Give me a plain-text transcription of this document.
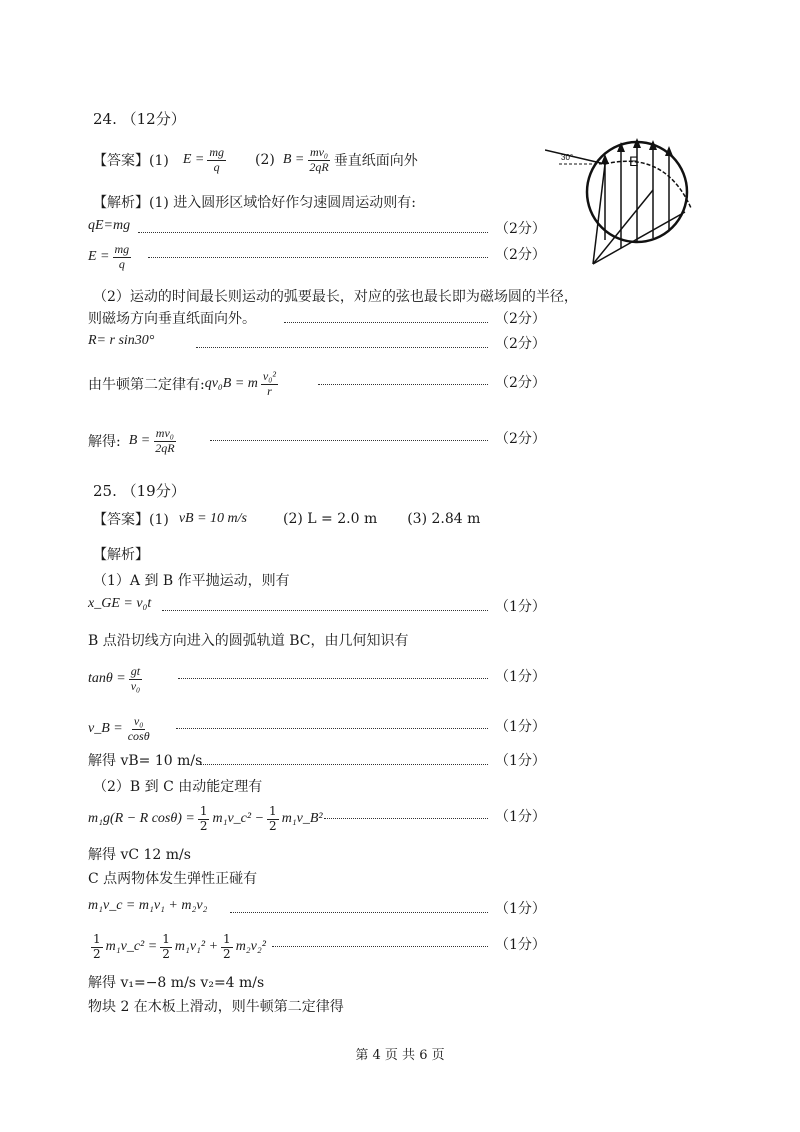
24. （12分）
【答案】(1) $E = \frac{mg}{q} (2) B = \frac{\text{mv₀}}{2qR}$ 垂直纸面向外
【解析】(1) 进入圆形区域恰好作匀速圆周运动则有:
qE=mg	（2分）
$E = \frac{mg}{q}$	（2分）
（2）运动的时间最长则运动的弧要最长，对应的弦也最长即为磁场圆的半径，
则磁场方向垂直纸面向外。	（2分）
R= r sin30°	（2分）
由牛顿第二定律有: qv₀B = m $\frac{\text{v₀²}}{r}$	（2分）
解得: $B = \frac{\text{mv₀}}{2qR}$	（2分）
E
30°
25. （19分）
【答案】(1) vB = 10 m/s	(2) L = 2.0 m (3) 2.84 m
【解析】
（1）A 到 B 作平抛运动，则有
x_GE = v₀t	（1分）
B 点沿切线方向进入的圆弧轨道 BC，由几何知识有
$\tan\theta = \frac{gt}{\text{v₀}}$	（1分）
v_B = $\frac{\text{v₀}}{\cos\theta}$	（1分）
解得 vB= 10 m/s	（1分）
（2）B 到 C 由动能定理有
m₁g(R − R $\cos\theta) = \frac{1}{2}$ m₁v_c² − $\frac{1}{2}$ m₁v_B²	（1分）
解得 vC 12 m/s
C 点两物体发生弹性正碰有
m₁v_c = m₁v₁ + m₂v₂	（1分）
$\frac{1}{2}$ m₁v_c² = $\frac{1}{2} m_1v_1^2 + \frac{1}{2} m_2v_2^2$	（1分）
解得 v₁=−8 m/s v₂=4 m/s
物块 2 在木板上滑动，则牛顿第二定律得
第 4 页 共 6 页
